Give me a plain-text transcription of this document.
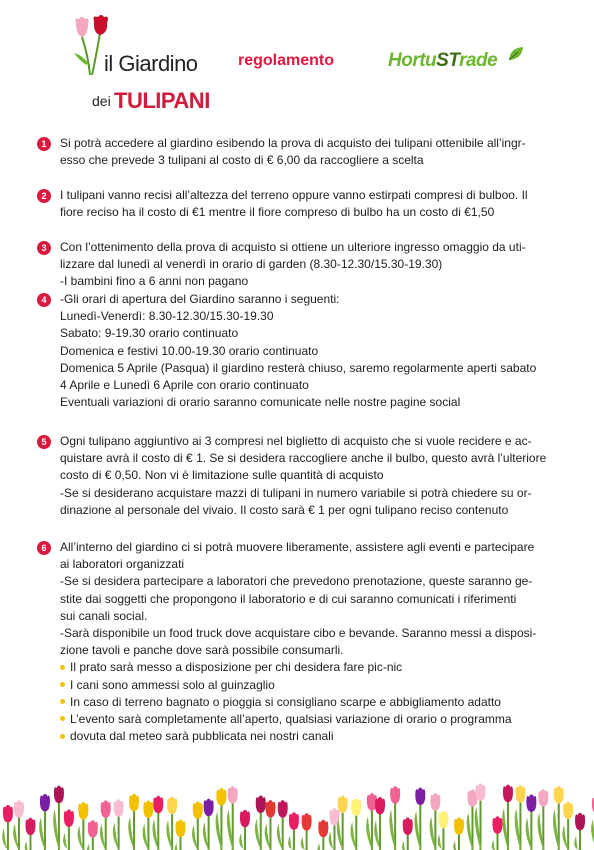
il Giardino
dei TULIPANI
regolamento	HortuSTrade
1	Si potrà accedere al giardino esibendo la prova di acquisto dei tulipani ottenibile all’ingr-
esso che prevede 3 tulipani al costo di € 6,00 da raccogliere a scelta
2	I tulipani vanno recisi all’altezza del terreno oppure vanno estirpati compresi di bulboo. Il
fiore reciso ha il costo di €1 mentre il fiore compreso di bulbo ha un costo di €1,50
3	Con l’ottenimento della prova di acquisto si ottiene un ulteriore ingresso omaggio da uti-
lizzare dal lunedì al venerdì in orario di garden (8.30-12.30/15.30-19.30)
-I bambini fino a 6 anni non pagano
4	-Gli orari di apertura del Giardino saranno i seguenti:
Lunedì-Venerdì: 8.30-12.30/15.30-19.30
Sabato: 9-19.30 orario continuato
Domenica e festivi 10.00-19.30 orario continuato
Domenica 5 Aprile (Pasqua) il giardino resterà chiuso, saremo regolarmente aperti sabato
4 Aprile e Lunedì 6 Aprile con orario continuato
Eventuali variazioni di orario saranno comunicate nelle nostre pagine social
5	Ogni tulipano aggiuntivo ai 3 compresi nel biglietto di acquisto che si vuole recidere e ac-
quistare avrà il costo di € 1. Se si desidera raccogliere anche il bulbo, questo avrà l’ulteriore
costo di € 0,50. Non vi è limitazione sulle quantità di acquisto
-Se si desiderano acquistare mazzi di tulipani in numero variabile si potrà chiedere su or-
dinazione al personale del vivaio. Il costo sarà € 1 per ogni tulipano reciso contenuto
6	All’interno del giardino ci si potrà muovere liberamente, assistere agli eventi e partecipare
ai laboratori organizzati
-Se si desidera partecipare a laboratori che prevedono prenotazione, queste saranno ge-
stite dai soggetti che propongono il laboratorio e di cui saranno comunicati i riferimenti
sui canali social.
-Sarà disponibile un food truck dove acquistare cibo e bevande. Saranno messi a disposi-
zione tavoli e panche dove sarà possibile consumarli.
Il prato sarà messo a disposizione per chi desidera fare pic-nic
I cani sono ammessi solo al guinzaglio
In caso di terreno bagnato o pioggia si consigliano scarpe e abbigliamento adatto
L’evento sarà completamente all’aperto, qualsiasi variazione di orario o programma
dovuta dal meteo sarà pubblicata nei nostri canali
